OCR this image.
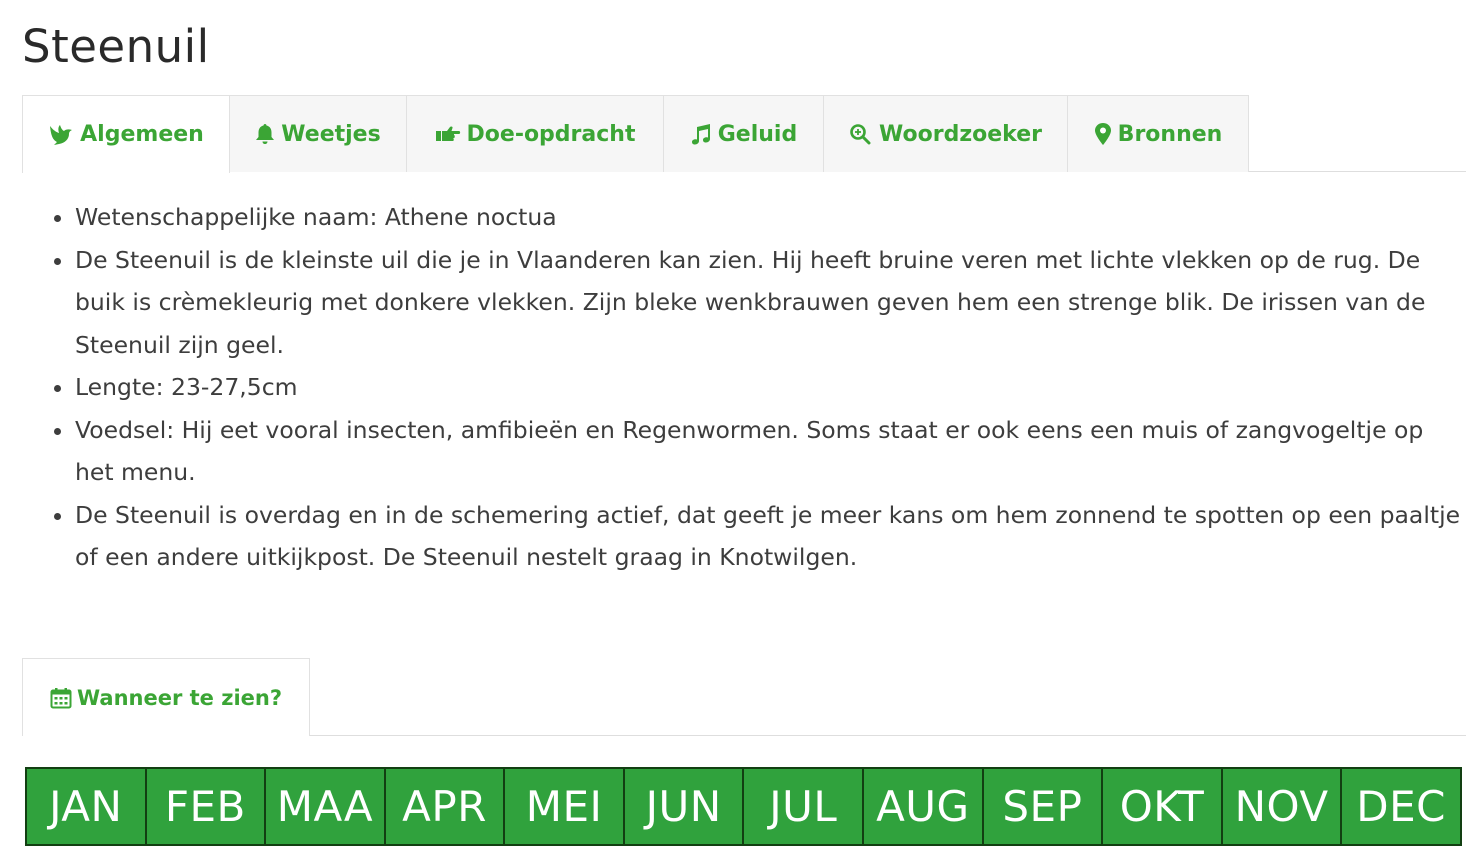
Steenuil
Algemeen	Weetjes	Doe-opdracht	Geluid	Woordzoeker	Bronnen
• Wetenschappelijke naam: Athene noctua
• De Steenuil is de kleinste uil die je in Vlaanderen kan zien. Hij heeft bruine veren met lichte vlekken op de rug. De buik is crèmekleurig met donkere vlekken. Zijn bleke wenkbrauwen geven hem een strenge blik. De irissen van de Steenuil zijn geel.
• Lengte: 23-27,5cm
• Voedsel: Hij eet vooral insecten, amfibieën en Regenwormen. Soms staat er ook eens een muis of zangvogeltje op het menu.
• De Steenuil is overdag en in de schemering actief, dat geeft je meer kans om hem zonnend te spotten op een paaltje of een andere uitkijkpost. De Steenuil nestelt graag in Knotwilgen.
Wanneer te zien?
JAN	FEB MAA APR MEI	JUN	JUL AUG SEP OKT NOV DEC
